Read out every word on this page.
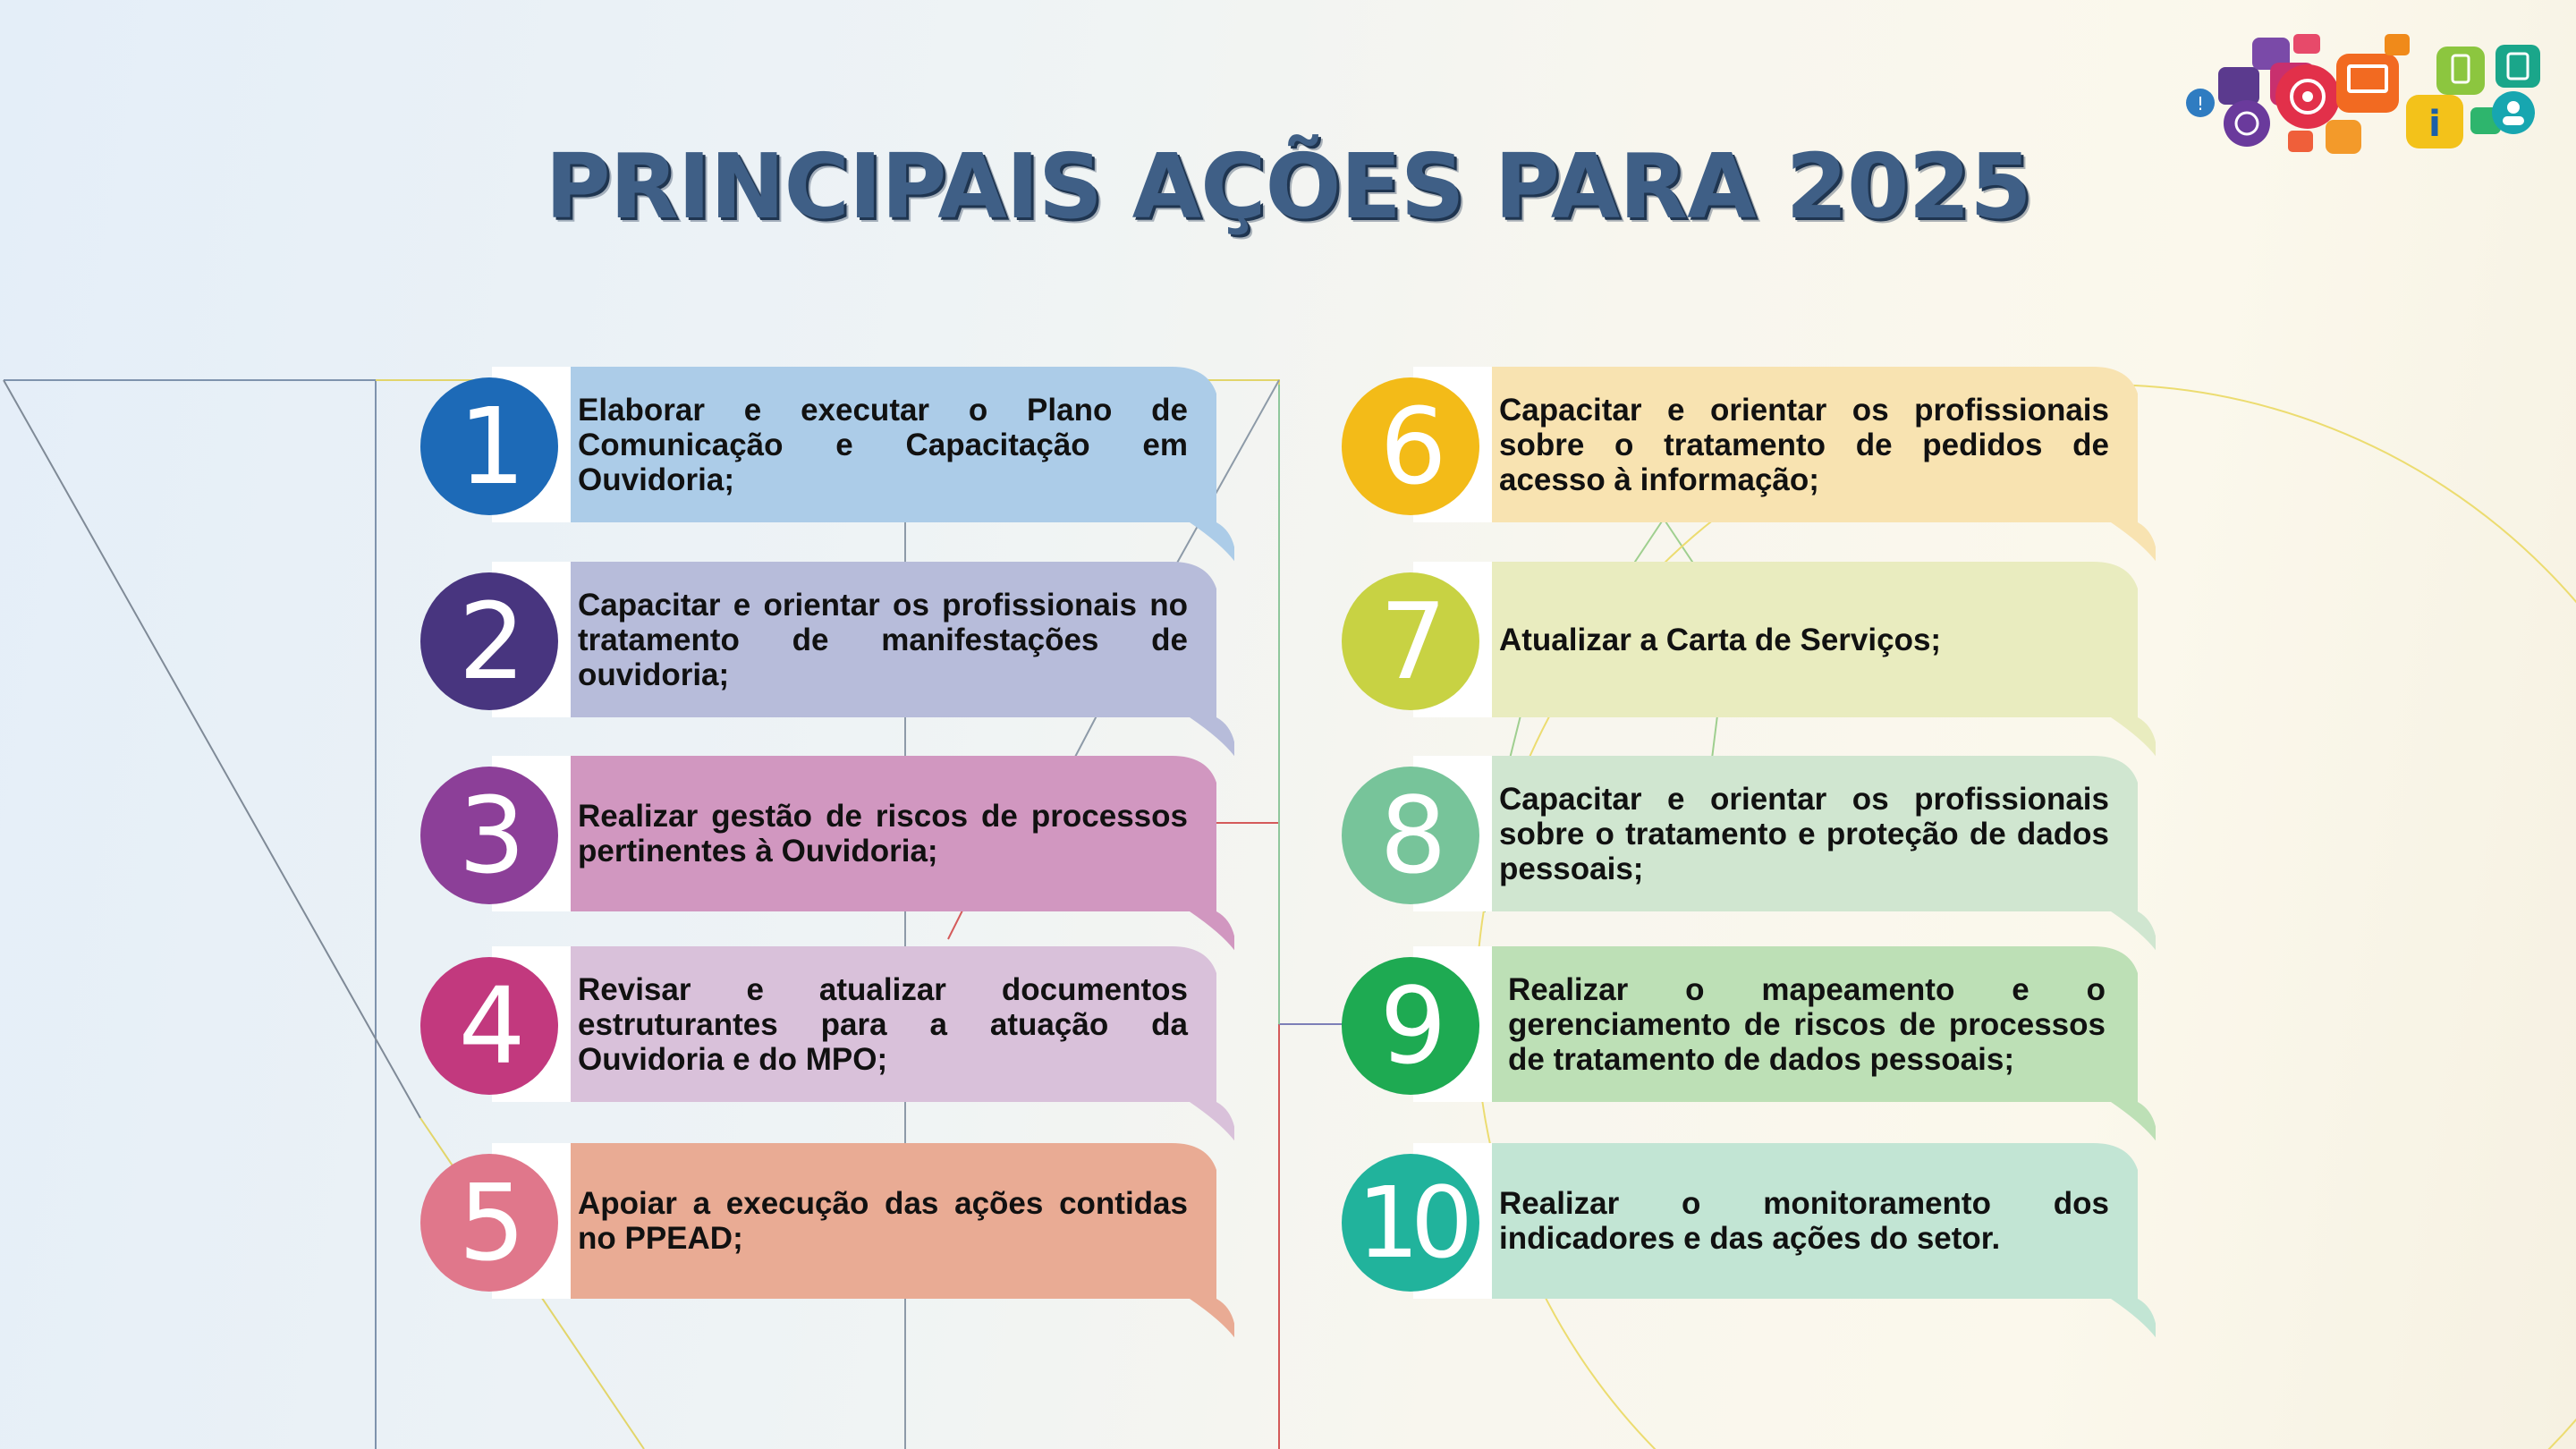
PRINCIPAIS AÇÕES PARA 2025
!	i
1	Elaborar e executar o Plano de Comunicação e Capacitação em Ouvidoria;
2	Capacitar e orientar os profissionais no tratamento de manifestações de ouvidoria;
3	Realizar gestão de riscos de processos pertinentes à Ouvidoria;
4	Revisar e atualizar documentos estruturantes para a atuação da Ouvidoria e do MPO;
5	Apoiar a execução das ações contidas no PPEAD;
6	Capacitar e orientar os profissionais sobre o tratamento de pedidos de acesso à informação;
7	Atualizar a Carta de Serviços;
8	Capacitar e orientar os profissionais sobre o tratamento e proteção de dados pessoais;
9	Realizar o mapeamento e o gerenciamento de riscos de processos de tratamento de dados pessoais;
10	Realizar o monitoramento dos indicadores e das ações do setor.
